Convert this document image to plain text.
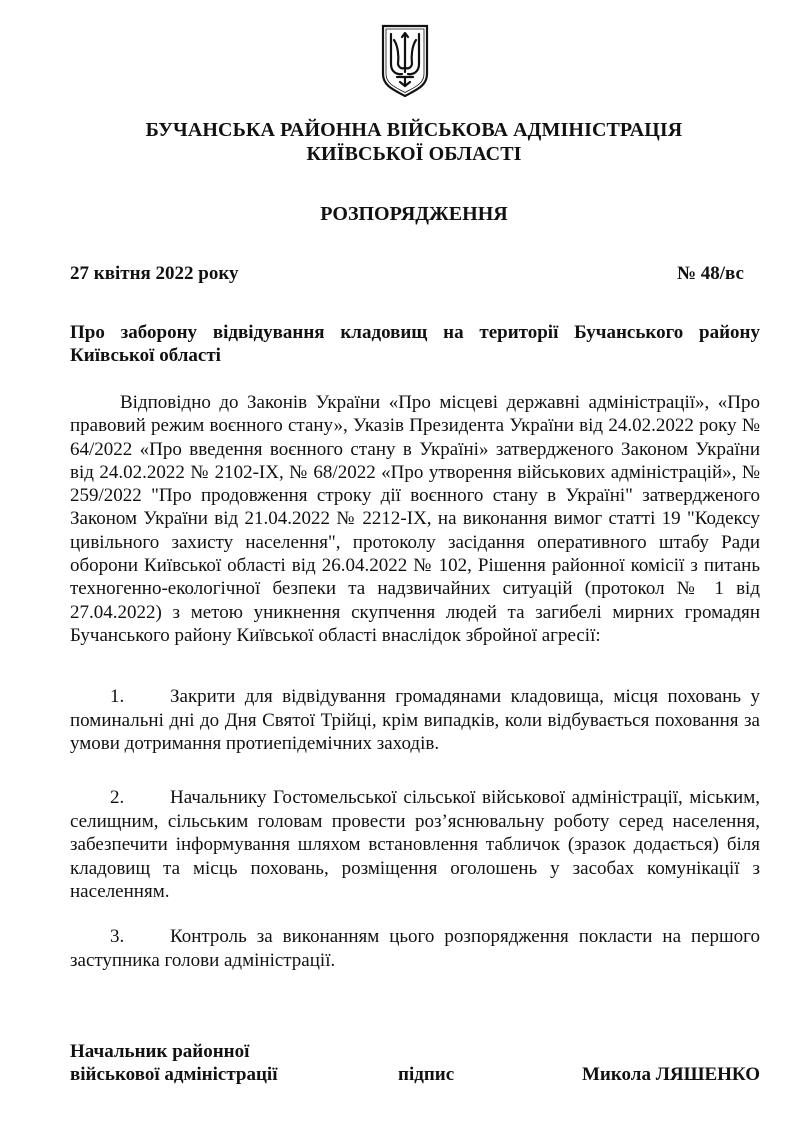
БУЧАНСЬКА РАЙОННА ВІЙСЬКОВА АДМІНІСТРАЦІЯ
КИЇВСЬКОЇ ОБЛАСТІ
РОЗПОРЯДЖЕННЯ
27 квітня 2022 року	№ 48/вс
Про заборону відвідування кладовищ на території Бучанського району Київської області
Відповідно до Законів України «Про місцеві державні адміністрації», «Про правовий режим воєнного стану», Указів Президента України від 24.02.2022 року № 64/2022 «Про введення воєнного стану в Україні» затвердженого Законом України від 24.02.2022 № 2102-IX, № 68/2022 «Про утворення військових адміністрацій», № 259/2022 "Про продовження строку дії воєнного стану в Україні" затвердженого Законом України від 21.04.2022 № 2212-IX, на виконання вимог статті 19 "Кодексу цивільного захисту населення", протоколу засідання оперативного штабу Ради оборони Київської області від 26.04.2022 № 102, Рішення районної комісії з питань техногенно-екологічної безпеки та надзвичайних ситуацій (протокол № 1 від 27.04.2022) з метою уникнення скупчення людей та загибелі мирних громадян Бучанського району Київської області внаслідок збройної агресії:
1. Закрити для відвідування громадянами кладовища, місця поховань у поминальні дні до Дня Святої Трійці, крім випадків, коли відбувається поховання за умови дотримання протиепідемічних заходів.
2. Начальнику Гостомельської сільської військової адміністрації, міським, селищним, сільським головам провести роз’яснювальну роботу серед населення, забезпечити інформування шляхом встановлення табличок (зразок додається) біля кладовищ та місць поховань, розміщення оголошень у засобах комунікації з населенням.
3. Контроль за виконанням цього розпорядження покласти на першого заступника голови адміністрації.
Начальник районної
військової адміністрації	підпис	Микола ЛЯШЕНКО
